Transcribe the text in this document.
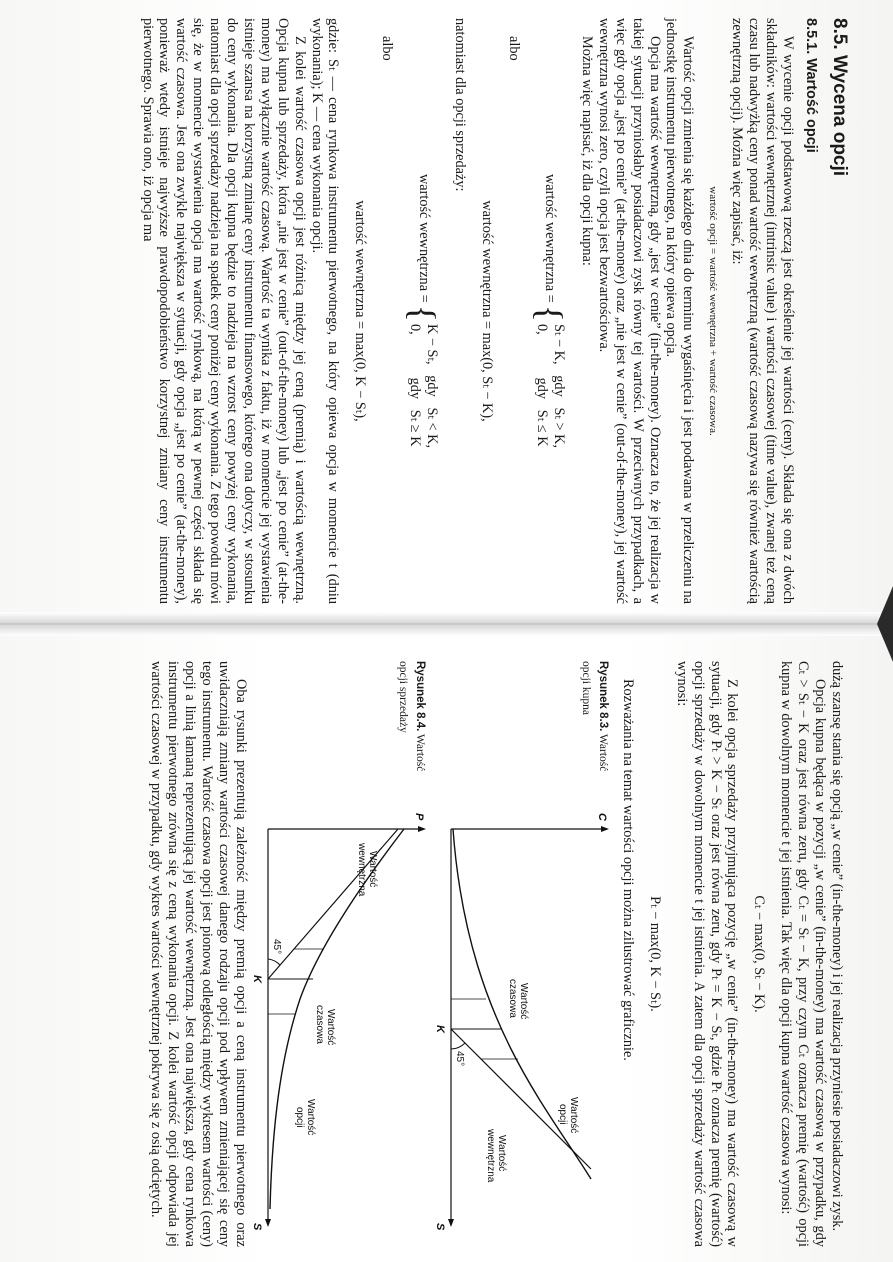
8.5. Wycena opcji
8.5.1. Wartość opcji

W wycenie opcji podstawową rzeczą jest określenie jej wartości (ceny). Składa się ona z dwóch składników: wartości wewnętrznej (intrinsic value) i wartości czasowej (time value), zwanej też ceną czasu lub nadwyżką ceny ponad wartość wewnętrzną (wartość czasową nazywa się również wartością zewnętrzną opcji). Można więc zapisać, iż:

wartość opcji = wartość wewnętrzna + wartość czasowa.

Wartość opcji zmienia się każdego dnia do terminu wygaśnięcia i jest podawana w przeliczeniu na jednostkę instrumentu pierwotnego, na który opiewa opcja.

Opcja ma wartość wewnętrzną, gdy „jest w cenie” (in-the-money). Oznacza to, że jej realizacja w takiej sytuacji przyniosłaby posiadaczowi zysk równy tej wartości. W przeciwnych przypadkach, a więc gdy opcja „jest po cenie” (at-the-money) oraz „nie jest w cenie” (out-of-the-money), jej wartość wewnętrzna wynosi zero, czyli opcja jest bezwartościowa.

Można więc napisać, iż dla opcji kupna:

wartość wewnętrzna =
{
Sₜ − K,   gdy   Sₜ > K,
0,            gdy   Sₜ ≤ K

albo

wartość wewnętrzna = max(0, Sₜ − K),

natomiast dla opcji sprzedaży:

wartość wewnętrzna =
{
K − Sₜ,   gdy   Sₜ < K,
0,            gdy   Sₜ ≥ K

albo

wartość wewnętrzna = max(0, K − Sₜ),

gdzie: Sₜ — cena rynkowa instrumentu pierwotnego, na który opiewa opcja w momencie t (dniu wykonania); K — cena wykonania opcji.

Z kolei wartość czasowa opcji jest różnicą między jej ceną (premią) i wartością wewnętrzną. Opcja kupna lub sprzedaży, która „nie jest w cenie” (out-of-the-money) lub „jest po cenie” (at-the-money) ma wyłącznie wartość czasową. Wartość ta wynika z faktu, iż w momencie jej wystawienia istnieje szansa na korzystną zmianę ceny instrumentu finansowego, którego ona dotyczy, w stosunku do ceny wykonania. Dla opcji kupna będzie to nadzieja na wzrost ceny powyżej ceny wykonania, natomiast dla opcji sprzedaży nadzieja na spadek ceny poniżej ceny wykonania. Z tego powodu mówi się, że w momencie wystawienia opcja ma wartość rynkową, na którą w pewnej części składa się wartość czasowa. Jest ona zwykle największa w sytuacji, gdy opcja „jest po cenie” (at-the-money), ponieważ wtedy istnieje najwyższe prawdopodobieństwo korzystnej zmiany ceny instrumentu pierwotnego. Sprawia ono, iż opcja ma

dużą szansę stania się opcją „w cenie” (in-the-money) i jej realizacja przyniesie posiadaczowi zysk.

Opcja kupna będąca w pozycji „w cenie” (in-the-money) ma wartość czasową w przypadku, gdy Cₜ > Sₜ − K oraz jest równa zeru, gdy Cₜ = Sₜ − K, przy czym Cₜ oznacza premię (wartość) opcji kupna w dowolnym momencie t jej istnienia. Tak więc dla opcji kupna wartość czasowa wynosi:

Cₜ − max(0, Sₜ − K).

Z kolei opcja sprzedaży przyjmująca pozycję „w cenie” (in-the-money) ma wartość czasową w sytuacji, gdy Pₜ > K − Sₜ oraz jest równa zeru, gdy Pₜ = K − Sₜ, gdzie Pₜ oznacza premię (wartość) opcji sprzedaży w dowolnym momencie t jej istnienia. A zatem dla opcji sprzedaży wartość czasowa wynosi:

Pₜ − max(0, K − Sₜ).

Rozważania na temat wartości opcji można zilustrować graficznie.

Rysunek 8.3. Wartość opcji kupna
C
S
K
45°
Wartośćopcji
Wartośćczasowa
Wartośćwewnętrzna
Rysunek 8.4. Wartość opcji sprzedaży
P
S
K
45°
Wartośćwewnętrzna
Wartośćczasowa
Wartośćopcji

Oba rysunki prezentują zależność między premią opcji a ceną instrumentu pierwotnego oraz uwidaczniają zmiany wartości czasowej danego rodzaju opcji pod wpływem zmieniającej się ceny tego instrumentu. Wartość czasowa opcji jest pionową odległością między wykresem wartości (ceny) opcji a linią łamaną reprezentującą jej wartość wewnętrzną. Jest ona największa, gdy cena rynkowa instrumentu pierwotnego zrówna się z ceną wykonania opcji. Z kolei wartość opcji odpowiada jej wartości czasowej w przypadku, gdy wykres wartości wewnętrznej pokrywa się z osią odciętych.
